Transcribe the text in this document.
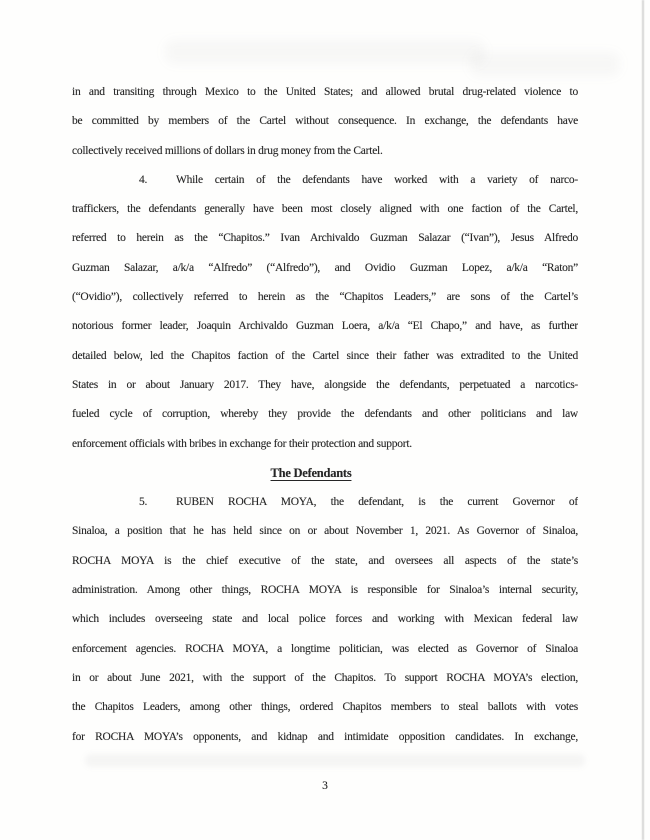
in and transiting through Mexico to the United States; and allowed brutal drug-related violence to
be committed by members of the Cartel without consequence. In exchange, the defendants have
collectively received millions of dollars in drug money from the Cartel.
4.	While certain of the defendants have worked with a variety of narco-
traffickers, the defendants generally have been most closely aligned with one faction of the Cartel,
referred to herein as the “Chapitos.” Ivan Archivaldo Guzman Salazar (“Ivan”), Jesus Alfredo
Guzman Salazar, a/k/a “Alfredo” (“Alfredo”), and Ovidio Guzman Lopez, a/k/a “Raton”
(“Ovidio”), collectively referred to herein as the “Chapitos Leaders,” are sons of the Cartel’s
notorious former leader, Joaquin Archivaldo Guzman Loera, a/k/a “El Chapo,” and have, as further
detailed below, led the Chapitos faction of the Cartel since their father was extradited to the United
States in or about January 2017. They have, alongside the defendants, perpetuated a narcotics-
fueled cycle of corruption, whereby they provide the defendants and other politicians and law
enforcement officials with bribes in exchange for their protection and support.
The Defendants
5.	RUBEN ROCHA MOYA, the defendant, is the current Governor of
Sinaloa, a position that he has held since on or about November 1, 2021. As Governor of Sinaloa,
ROCHA MOYA is the chief executive of the state, and oversees all aspects of the state’s
administration. Among other things, ROCHA MOYA is responsible for Sinaloa’s internal security,
which includes overseeing state and local police forces and working with Mexican federal law
enforcement agencies. ROCHA MOYA, a longtime politician, was elected as Governor of Sinaloa
in or about June 2021, with the support of the Chapitos. To support ROCHA MOYA’s election,
the Chapitos Leaders, among other things, ordered Chapitos members to steal ballots with votes
for ROCHA MOYA’s opponents, and kidnap and intimidate opposition candidates. In exchange,
3
